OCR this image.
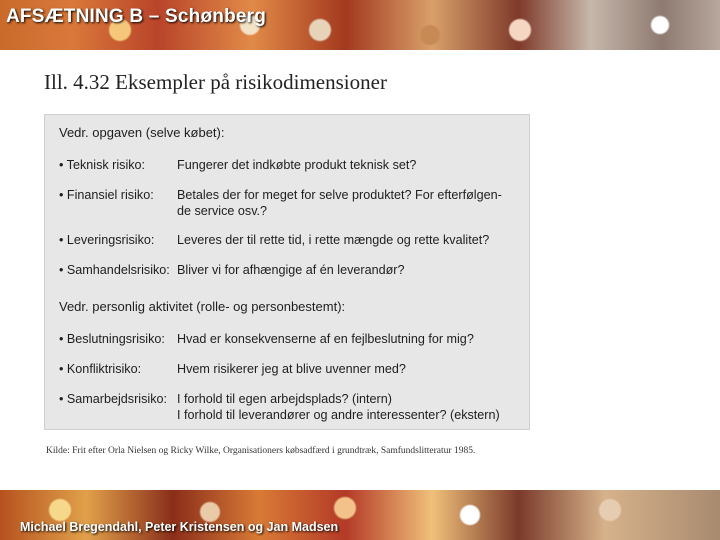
AFSÆTNING B – Schønberg
Ill. 4.32 Eksempler på risikodimensioner
Vedr. opgaven (selve købet):
• Teknisk risiko:	Fungerer det indkøbte produkt teknisk set?
• Finansiel risiko:	Betales der for meget for selve produktet? For efterfølgen-
de service osv.?
• Leveringsrisiko:	Leveres der til rette tid, i rette mængde og rette kvalitet?
• Samhandelsrisiko: Bliver vi for afhængige af én leverandør?
Vedr. personlig aktivitet (rolle- og personbestemt):
• Beslutningsrisiko: Hvad er konsekvenserne af en fejlbeslutning for mig?
• Konfliktrisiko:	Hvem risikerer jeg at blive uvenner med?
• Samarbejdsrisiko: I forhold til egen arbejdsplads? (intern)
I forhold til leverandører og andre interessenter? (ekstern)

Kilde: Frit efter Orla Nielsen og Ricky Wilke, Organisationers købsadfærd i grundtræk, Samfundslitteratur 1985.

Michael Bregendahl, Peter Kristensen og Jan Madsen
